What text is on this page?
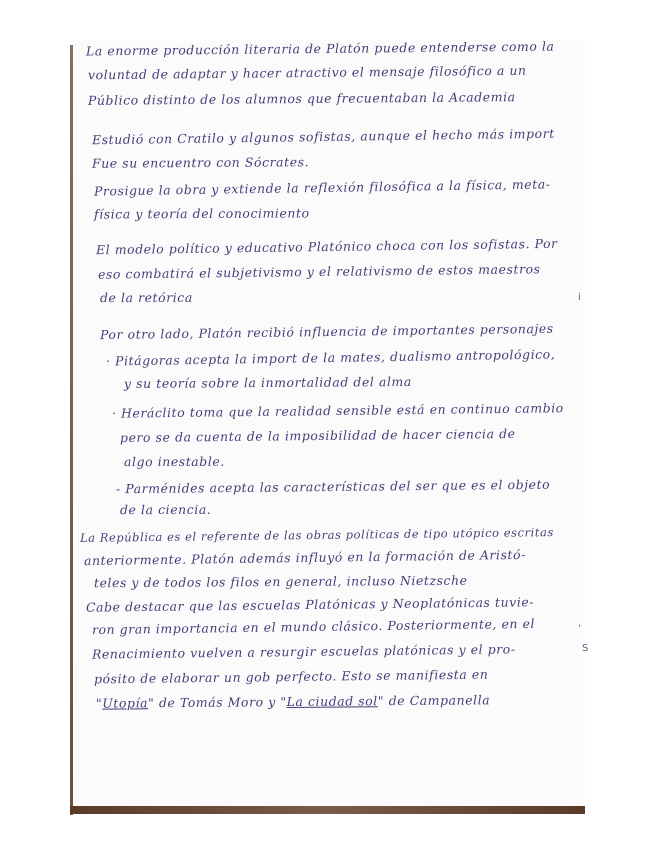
La enorme producción literaria de Platón puede entenderse como la
voluntad de adaptar y hacer atractivo el mensaje filosófico a un
Público distinto de los alumnos que frecuentaban la Academia
Estudió con Cratilo y algunos sofistas, aunque el hecho más import
Fue su encuentro con Sócrates.
Prosigue la obra y extiende la reflexión filosófica a la física, meta-
física y teoría del conocimiento
El modelo político y educativo Platónico choca con los sofistas. Por
eso combatirá el subjetivismo y el relativismo de estos maestros
de la retórica
Por otro lado, Platón recibió influencia de importantes personajes
· Pitágoras acepta la import de la mates, dualismo antropológico,
y su teoría sobre la inmortalidad del alma
· Heráclito toma que la realidad sensible está en continuo cambio
pero se da cuenta de la imposibilidad de hacer ciencia de
algo inestable.
- Parménides acepta las características del ser que es el objeto
de la ciencia.
La República es el referente de las obras políticas de tipo utópico escritas
anteriormente. Platón además influyó en la formación de Aristó-
teles y de todos los filos en general, incluso Nietzsche
Cabe destacar que las escuelas Platónicas y Neoplatónicas tuvie-
ron gran importancia en el mundo clásico. Posteriormente, en el
Renacimiento vuelven a resurgir escuelas platónicas y el pro-
pósito de elaborar un gob perfecto. Esto se manifiesta en
"Utopía" de Tomás Moro y "La ciudad sol" de Campanella
i
,
S
